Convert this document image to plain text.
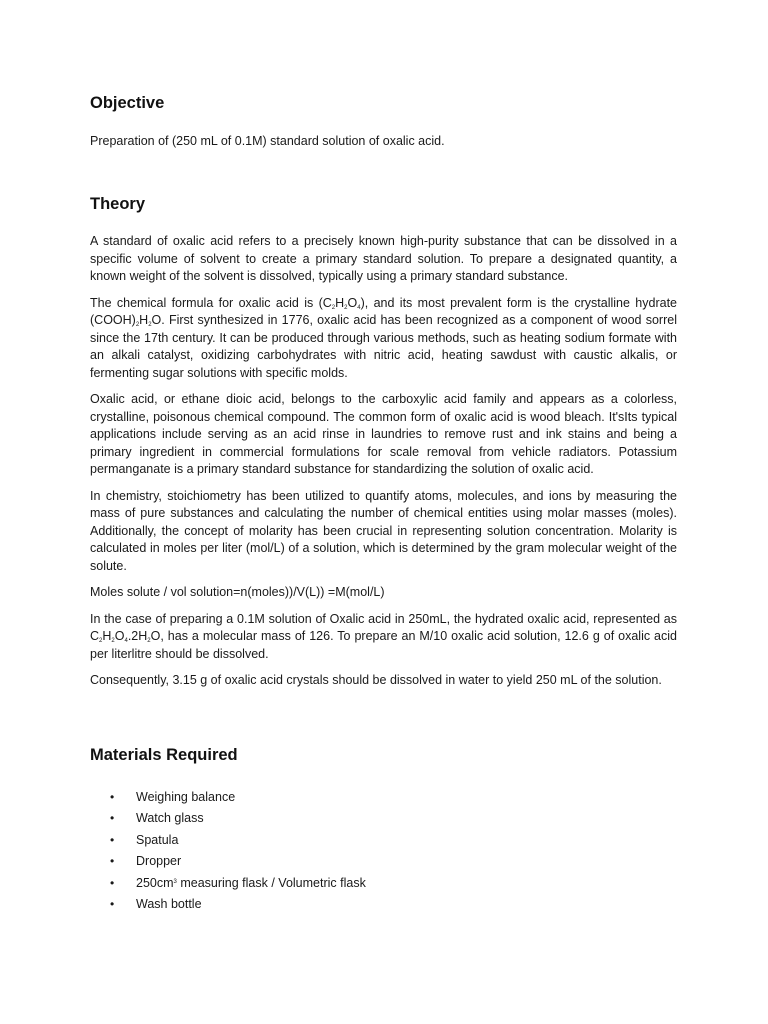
Objective

Preparation of (250 mL of 0.1M) standard solution of oxalic acid.

Theory

A standard of oxalic acid refers to a precisely known high-purity substance that can be dissolved in a specific volume of solvent to create a primary standard solution. To prepare a designated quantity, a known weight of the solvent is dissolved, typically using a primary standard substance.

The chemical formula for oxalic acid is $(C_2H_2O_4)$, and its most prevalent form is the crystalline hydrate $(COOH)_2H_2O$. First synthesized in 1776, oxalic acid has been recognized as a component of wood sorrel since the 17th century. It can be produced through various methods, such as heating sodium formate with an alkali catalyst, oxidizing carbohydrates with nitric acid, heating sawdust with caustic alkalis, or fermenting sugar solutions with specific molds.

Oxalic acid, or ethane dioic acid, belongs to the carboxylic acid family and appears as a colorless, crystalline, poisonous chemical compound. The common form of oxalic acid is wood bleach. It'sIts typical applications include serving as an acid rinse in laundries to remove rust and ink stains and being a primary ingredient in commercial formulations for scale removal from vehicle radiators. Potassium permanganate is a primary standard substance for standardizing the solution of oxalic acid.

In chemistry, stoichiometry has been utilized to quantify atoms, molecules, and ions by measuring the mass of pure substances and calculating the number of chemical entities using molar masses (moles). Additionally, the concept of molarity has been crucial in representing solution concentration. Molarity is calculated in moles per liter (mol/L) of a solution, which is determined by the gram molecular weight of the solute.

Moles solute / vol solution=n(moles))/V(L)) =M(mol/L)

In the case of preparing a 0.1M solution of Oxalic acid in 250mL, the hydrated oxalic acid, represented as $C_2H_2O_4.2H_2O$, has a molecular mass of 126. To prepare an M/10 oxalic acid solution, 12.6 g of oxalic acid per literlitre should be dissolved.

Consequently, 3.15 g of oxalic acid crystals should be dissolved in water to yield 250 mL of the solution.

Materials Required
• Weighing balance
• Watch glass
• Spatula
• Dropper
• $250cm^3$ measuring flask / Volumetric flask
• Wash bottle
